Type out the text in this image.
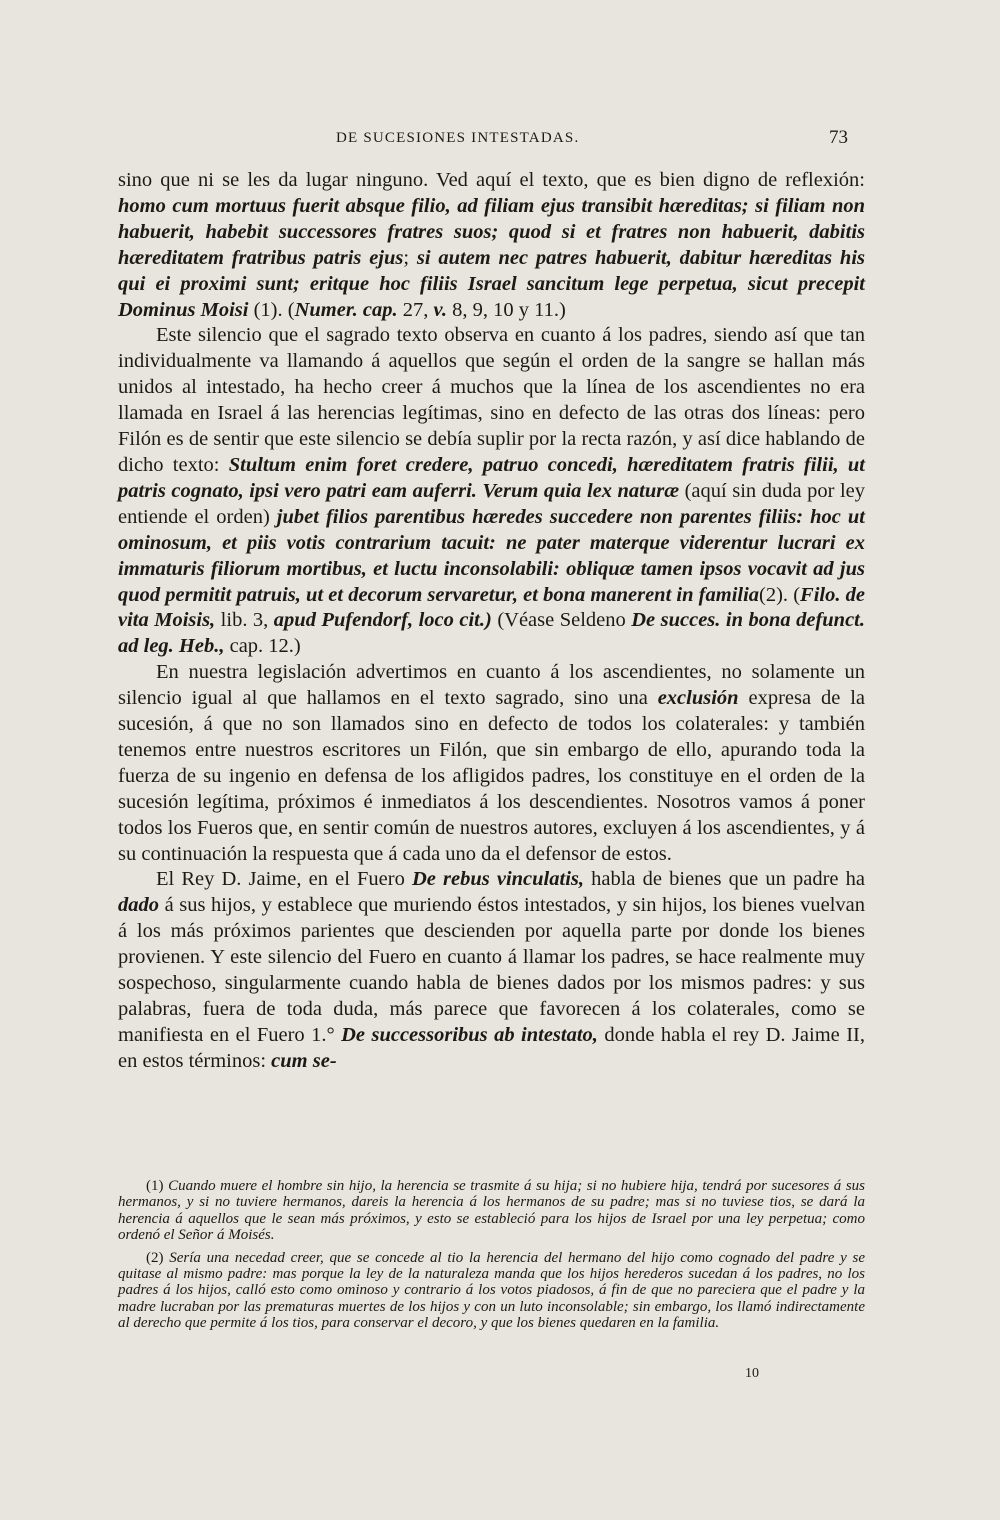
DE SUCESIONES INTESTADAS.	73

sino que ni se les da lugar ninguno. Ved aquí el texto, que es bien digno de reflexión: homo cum mortuus fuerit absque filio, ad filiam ejus transibit hæreditas; si filiam non habuerit, habebit successores fratres suos; quod si et fratres non habuerit, dabitis hæreditatem fratribus patris ejus; si autem nec patres habuerit, dabitur hæreditas his qui ei proximi sunt; eritque hoc filiis Israel sancitum lege perpetua, sicut precepit Dominus Moisi (1). (Numer. cap. 27, v. 8, 9, 10 y 11.)

Este silencio que el sagrado texto observa en cuanto á los padres, siendo así que tan individualmente va llamando á aquellos que según el orden de la sangre se hallan más unidos al intestado, ha hecho creer á muchos que la línea de los ascendientes no era llamada en Israel á las herencias legítimas, sino en defecto de las otras dos líneas: pero Filón es de sentir que este silencio se debía suplir por la recta razón, y así dice hablando de dicho texto: Stultum enim foret credere, patruo concedi, hæreditatem fratris filii, ut patris cognato, ipsi vero patri eam auferri. Verum quia lex naturæ (aquí sin duda por ley entiende el orden) jubet filios parentibus hæredes succedere non parentes filiis: hoc ut ominosum, et piis votis contrarium tacuit: ne pater materque viderentur lucrari ex immaturis filiorum mortibus, et luctu inconsolabili: obliquæ tamen ipsos vocavit ad jus quod permitit patruis, ut et decorum servaretur, et bona manerent in familia(2). (Filo. de vita Moisis, lib. 3, apud Pufendorf, loco cit.) (Véase Seldeno De succes. in bona defunct. ad leg. Heb., cap. 12.)

En nuestra legislación advertimos en cuanto á los ascendientes, no solamente un silencio igual al que hallamos en el texto sagrado, sino una exclusión expresa de la sucesión, á que no son llamados sino en defecto de todos los colaterales: y también tenemos entre nuestros escritores un Filón, que sin embargo de ello, apurando toda la fuerza de su ingenio en defensa de los afligidos padres, los constituye en el orden de la sucesión legítima, próximos é inmediatos á los descendientes. Nosotros vamos á poner todos los Fueros que, en sentir común de nuestros autores, excluyen á los ascendientes, y á su continuación la respuesta que á cada uno da el defensor de estos.

El Rey D. Jaime, en el Fuero De rebus vinculatis, habla de bienes que un padre ha dado á sus hijos, y establece que muriendo éstos intestados, y sin hijos, los bienes vuelvan á los más próximos parientes que descienden por aquella parte por donde los bienes provienen. Y este silencio del Fuero en cuanto á llamar los padres, se hace realmente muy sospechoso, singularmente cuando habla de bienes dados por los mismos padres: y sus palabras, fuera de toda duda, más parece que favorecen á los colaterales, como se manifiesta en el Fuero 1.° De successoribus ab intestato, donde habla el rey D. Jaime II, en estos términos: cum se-

(1) Cuando muere el hombre sin hijo, la herencia se trasmite á su hija; si no hubiere hija, tendrá por sucesores á sus hermanos, y si no tuviere hermanos, dareis la herencia á los hermanos de su padre; mas si no tuviese tios, se dará la herencia á aquellos que le sean más próximos, y esto se estableció para los hijos de Israel por una ley perpetua; como ordenó el Señor á Moisés.

(2) Sería una necedad creer, que se concede al tio la herencia del hermano del hijo como cognado del padre y se quitase al mismo padre: mas porque la ley de la naturaleza manda que los hijos herederos sucedan á los padres, no los padres á los hijos, calló esto como ominoso y contrario á los votos piadosos, á fin de que no pareciera que el padre y la madre lucraban por las prematuras muertes de los hijos y con un luto inconsolable; sin embargo, los llamó indirectamente al derecho que permite á los tios, para conservar el decoro, y que los bienes quedaren en la familia.

10
